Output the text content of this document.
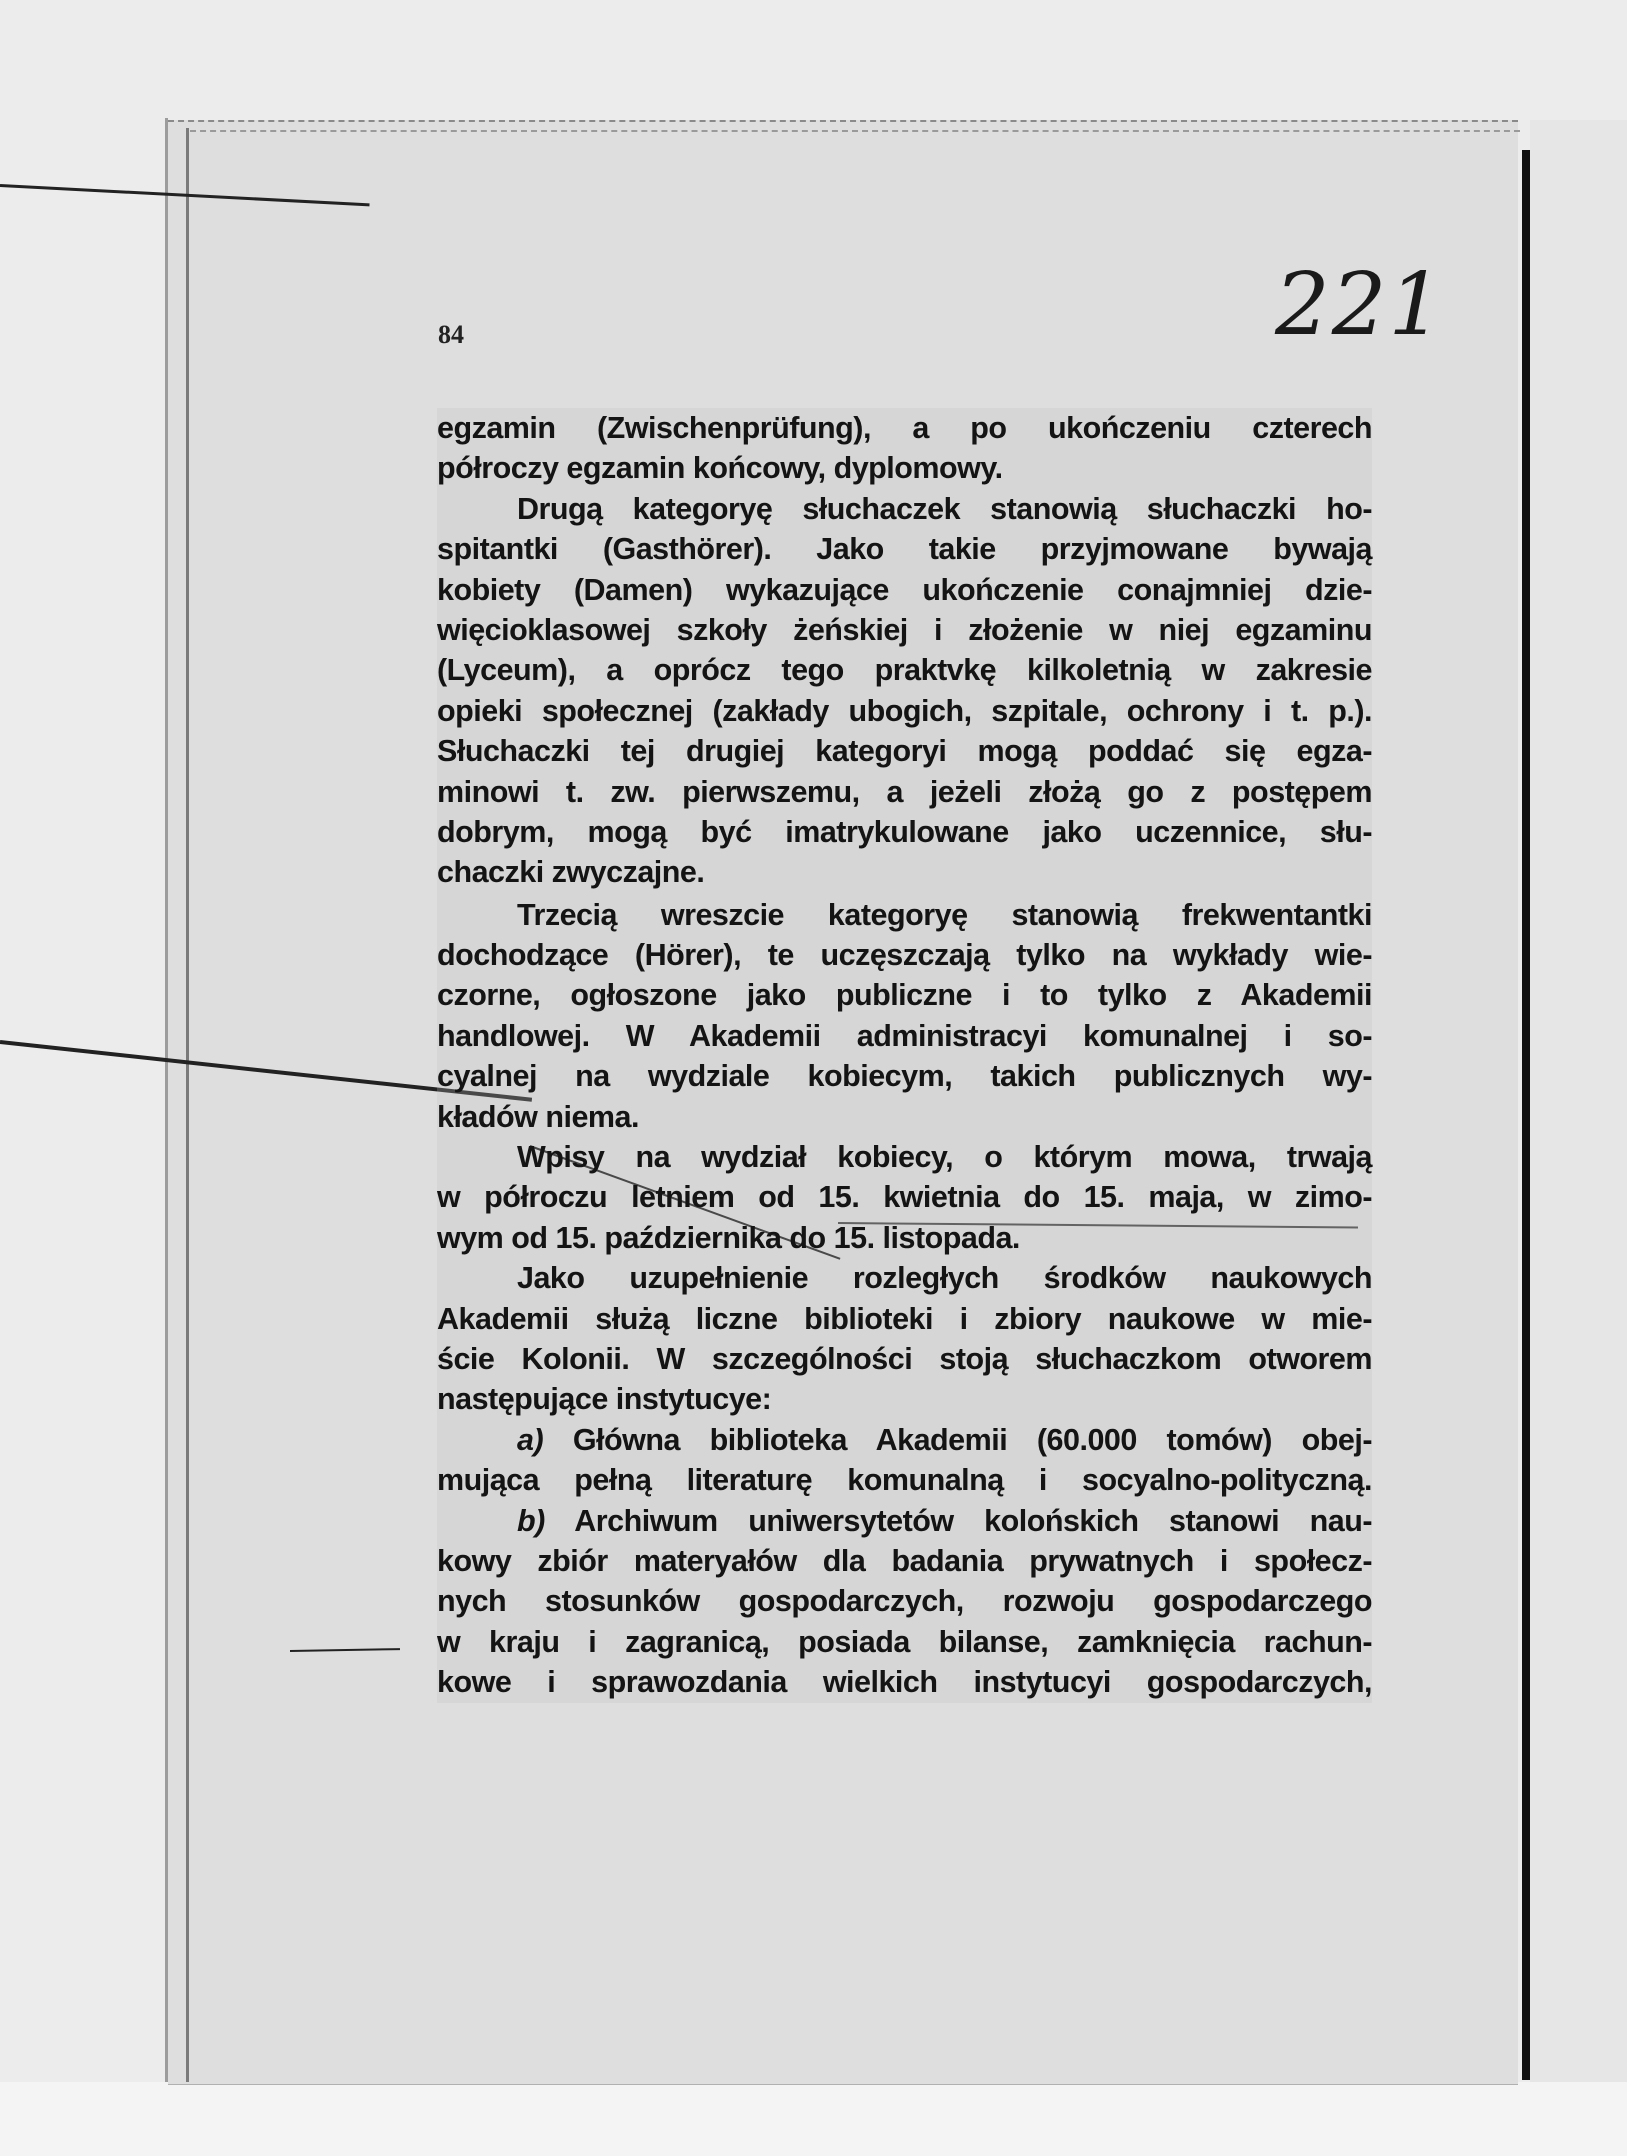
84	221
egzamin (Zwischenprüfung), a po ukończeniu czterech
półroczy egzamin końcowy, dyplomowy.
Drugą kategoryę słuchaczek stanowią słuchaczki ho-
spitantki (Gasthörer). Jako takie przyjmowane bywają
kobiety (Damen) wykazujące ukończenie conajmniej dzie-
więcioklasowej szkoły żeńskiej i złożenie w niej egzaminu
(Lyceum), a oprócz tego praktvkę kilkoletnią w zakresie
opieki społecznej (zakłady ubogich, szpitale, ochrony i t. p.).
Słuchaczki tej drugiej kategoryi mogą poddać się egza-
minowi t. zw. pierwszemu, a jeżeli złożą go z postępem
dobrym, mogą być imatrykulowane jako uczennice, słu-
chaczki zwyczajne.
Trzecią wreszcie kategoryę stanowią frekwentantki
dochodzące (Hörer), te uczęszczają tylko na wykłady wie-
czorne, ogłoszone jako publiczne i to tylko z Akademii
handlowej. W Akademii administracyi komunalnej i so-
cyalnej na wydziale kobiecym, takich publicznych wy-
kładów niema.
Wpisy na wydział kobiecy, o którym mowa, trwają
w półroczu letniem od 15. kwietnia do 15. maja, w zimo-
wym od 15. października do 15. listopada.
Jako uzupełnienie rozległych środków naukowych
Akademii służą liczne biblioteki i zbiory naukowe w mie-
ście Kolonii. W szczególności stoją słuchaczkom otworem
następujące instytucye:
a) Główna biblioteka Akademii (60.000 tomów) obej-
mująca pełną literaturę komunalną i socyalno-polityczną.
b) Archiwum uniwersytetów kolońskich stanowi nau-
kowy zbiór materyałów dla badania prywatnych i społecz-
nych stosunków gospodarczych, rozwoju gospodarczego
w kraju i zagranicą, posiada bilanse, zamknięcia rachun-
kowe i sprawozdania wielkich instytucyi gospodarczych,
